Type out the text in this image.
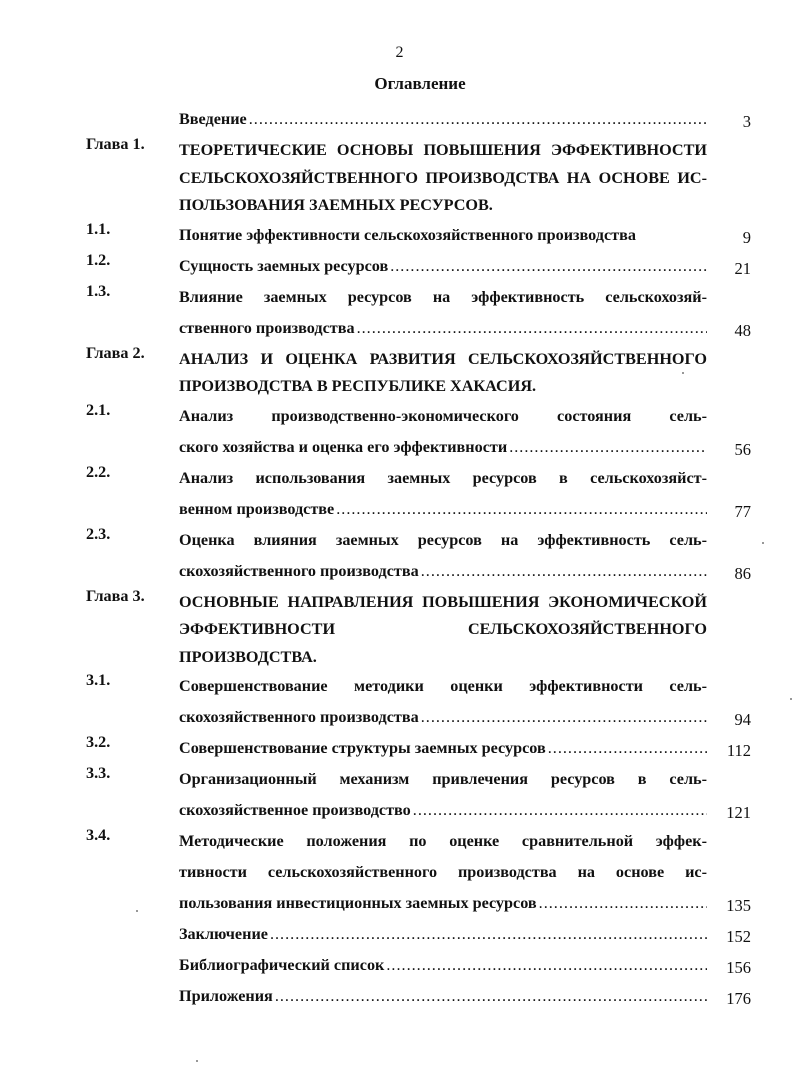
2
Оглавление
Введение .....	3
Глава 1. ТЕОРЕТИЧЕСКИЕ ОСНОВЫ ПОВЫШЕНИЯ ЭФФЕКТИВНОСТИ СЕЛЬСКОХОЗЯЙСТВЕННОГО ПРОИЗВОДСТВА НА ОСНОВЕ ИС-ПОЛЬЗОВАНИЯ ЗАЕМНЫХ РЕСУРСОВ.
1.1.	Понятие эффективности сельскохозяйственного производства	9
1.2.	Сущность заемных ресурсов .....	21
1.3.	Влияние заемных ресурсов на эффективность сельскохозяй-
ственного производства .....	48
Глава 2. АНАЛИЗ И ОЦЕНКА РАЗВИТИЯ СЕЛЬСКОХОЗЯЙСТВЕННОГО ПРОИЗВОДСТВА В РЕСПУБЛИКЕ ХАКАСИЯ.
2.1.	Анализ производственно-экономического состояния сель-
ского хозяйства и оценка его эффективности .....	56
2.2.	Анализ использования заемных ресурсов в сельскохозяйст-
венном производстве .....	77
2.3.	Оценка влияния заемных ресурсов на эффективность сель-
скохозяйственного производства .....	86
Глава 3. ОСНОВНЫЕ НАПРАВЛЕНИЯ ПОВЫШЕНИЯ ЭКОНОМИЧЕСКОЙ ЭФФЕКТИВНОСТИ СЕЛЬСКОХОЗЯЙСТВЕННОГО ПРОИЗВОДСТВА.
3.1.	Совершенствование методики оценки эффективности сель-
скохозяйственного производства .....	94
3.2.	Совершенствование структуры заемных ресурсов .....	112
3.3.	Организационный механизм привлечения ресурсов в сель-
скохозяйственное производство .....	121
3.4.	Методические положения по оценке сравнительной эффек-
тивности сельскохозяйственного производства на основе ис-
пользования инвестиционных заемных ресурсов .....	135
Заключение .....	152
Библиографический список .....	156
Приложения .....	176
